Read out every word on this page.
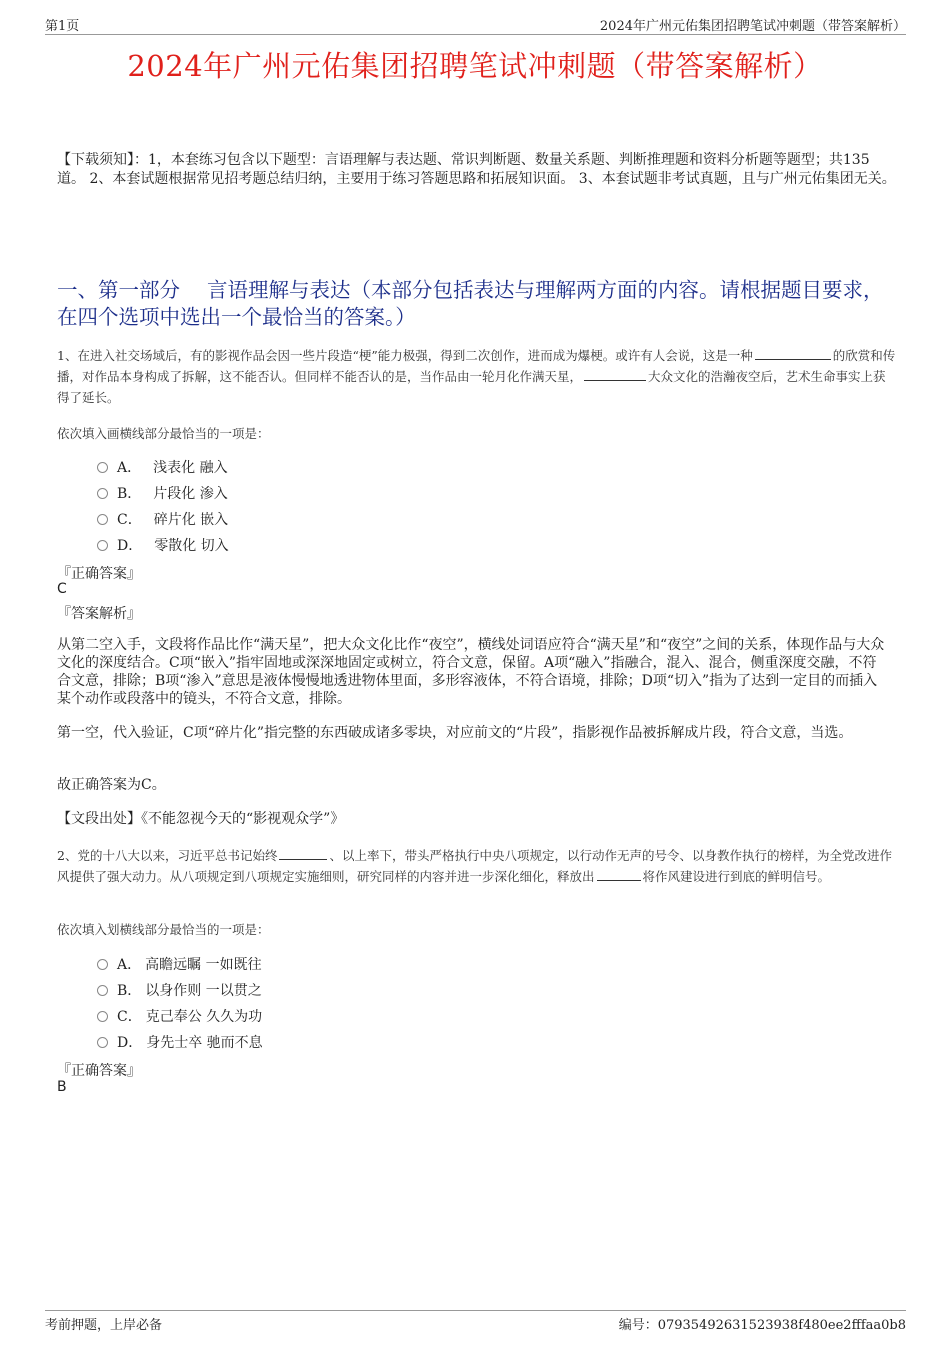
第1页	2024年广州元佑集团招聘笔试冲刺题（带答案解析）
2024年广州元佑集团招聘笔试冲刺题（带答案解析）
【下载须知】：1，本套练习包含以下题型：言语理解与表达题、常识判断题、数量关系题、判断推理题和资料分析题等题型；共135道。 2、本套试题根据常见招考题总结归纳，主要用于练习答题思路和拓展知识面。 3、本套试题非考试真题，且与广州元佑集团无关。
一、第一部分　 言语理解与表达（本部分包括表达与理解两方面的内容。请根据题目要求，在四个选项中选出一个最恰当的答案。）
1、在进入社交场域后，有的影视作品会因一些片段造“梗”能力极强，得到二次创作，进而成为爆梗。或许有人会说，这是一种	的欣赏和传播，对作品本身构成了拆解，这不能否认。但同样不能否认的是，当作品由一轮月化作满天星，	大众文化的浩瀚夜空后，艺术生命事实上获得了延长。
依次填入画横线部分最恰当的一项是：
A． 浅表化 融入
B． 片段化 渗入
C． 碎片化 嵌入
D． 零散化 切入
『正确答案』
C
『答案解析』
从第二空入手，文段将作品比作“满天星”，把大众文化比作“夜空”，横线处词语应符合“满天星”和“夜空”之间的关系，体现作品与大众文化的深度结合。C项“嵌入”指牢固地或深深地固定或树立，符合文意，保留。A项“融入”指融合，混入、混合，侧重深度交融，不符合文意，排除；B项“渗入”意思是液体慢慢地透进物体里面，多形容液体，不符合语境，排除；D项“切入”指为了达到一定目的而插入某个动作或段落中的镜头，不符合文意，排除。
第一空，代入验证，C项“碎片化”指完整的东西破成诸多零块，对应前文的“片段”，指影视作品被拆解成片段，符合文意，当选。
故正确答案为C。
【文段出处】《不能忽视今天的“影视观众学”》
2、党的十八大以来，习近平总书记始终	、以上率下，带头严格执行中央八项规定，以行动作无声的号令、以身教作执行的榜样，为全党改进作风提供了强大动力。从八项规定到八项规定实施细则，研究同样的内容并进一步深化细化，释放出	将作风建设进行到底的鲜明信号。
依次填入划横线部分最恰当的一项是：
A． 高瞻远瞩 一如既往
B． 以身作则 一以贯之
C． 克己奉公 久久为功
D． 身先士卒 驰而不息
『正确答案』
B
考前押题，上岸必备	编号：07935492631523938f480ee2fffaa0b8
